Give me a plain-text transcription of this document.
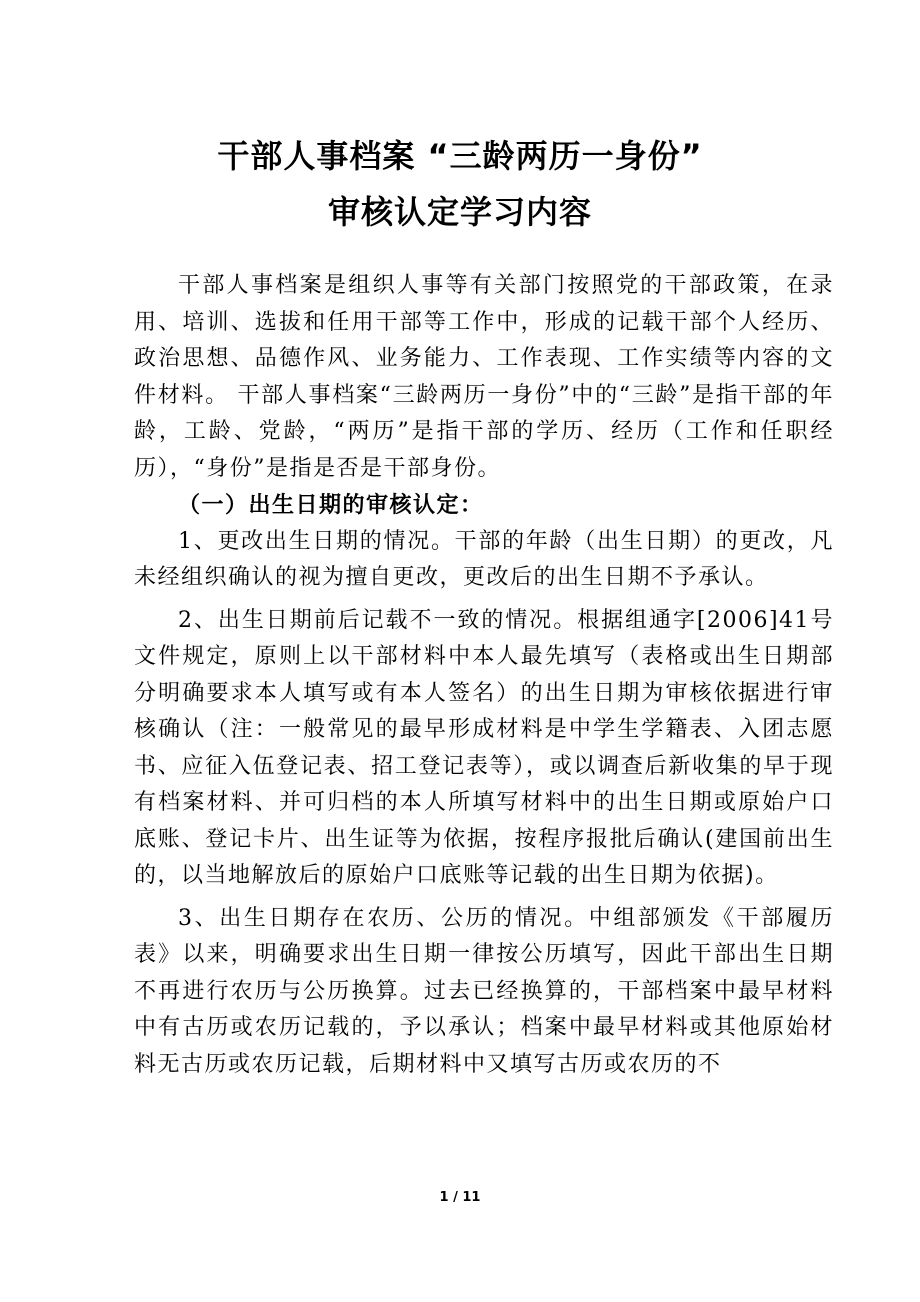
干部人事档案 “三龄两历一身份”
审核认定学习内容

干部人事档案是组织人事等有关部门按照党的干部政策，在录用、培训、选拔和任用干部等工作中，形成的记载干部个人经历、政治思想、品德作风、业务能力、工作表现、工作实绩等内容的文件材料。 干部人事档案“三龄两历一身份”中的“三龄”是指干部的年龄，工龄、党龄，“两历”是指干部的学历、经历（工作和任职经历），“身份”是指是否是干部身份。

（一）出生日期的审核认定：

1、更改出生日期的情况。干部的年龄（出生日期）的更改，凡未经组织确认的视为擅自更改，更改后的出生日期不予承认。

2、出生日期前后记载不一致的情况。根据组通字[2006]41号文件规定，原则上以干部材料中本人最先填写（表格或出生日期部分明确要求本人填写或有本人签名）的出生日期为审核依据进行审核确认（注：一般常见的最早形成材料是中学生学籍表、入团志愿书、应征入伍登记表、招工登记表等），或以调查后新收集的早于现有档案材料、并可归档的本人所填写材料中的出生日期或原始户口底账、登记卡片、出生证等为依据，按程序报批后确认(建国前出生的，以当地解放后的原始户口底账等记载的出生日期为依据)。

3、出生日期存在农历、公历的情况。中组部颁发《干部履历表》以来，明确要求出生日期一律按公历填写，因此干部出生日期不再进行农历与公历换算。过去已经换算的，干部档案中最早材料中有古历或农历记载的，予以承认；档案中最早材料或其他原始材料无古历或农历记载，后期材料中又填写古历或农历的不

1 / 11
